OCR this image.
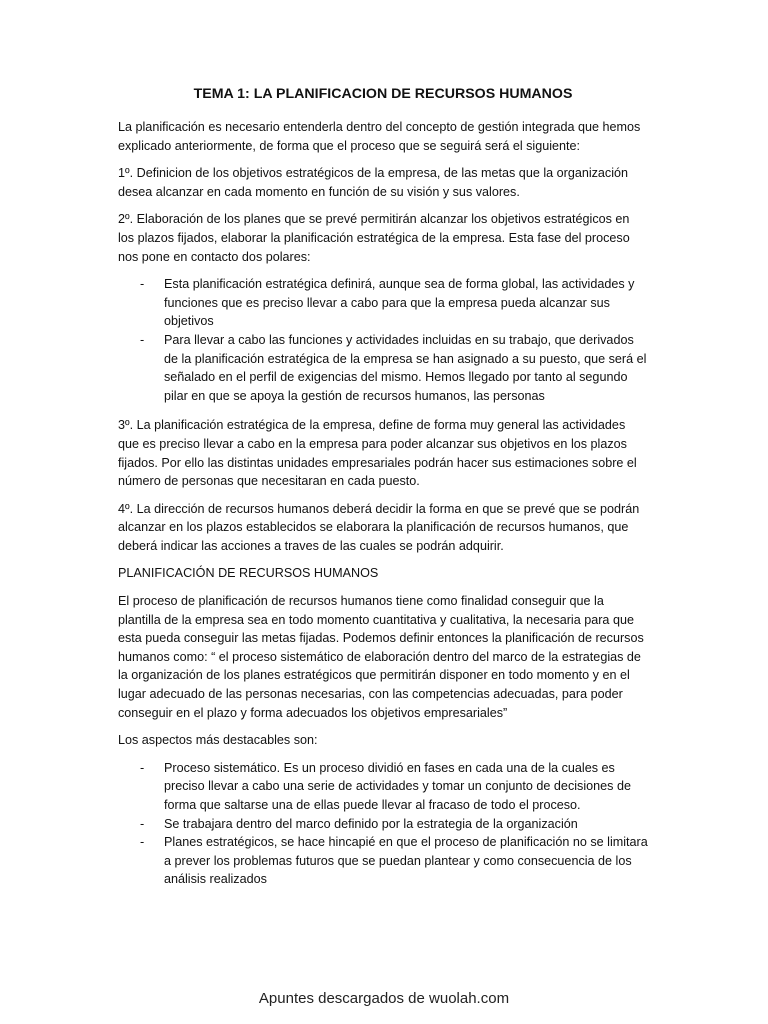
TEMA 1: LA PLANIFICACION DE RECURSOS HUMANOS

La planificación es necesario entenderla dentro del concepto de gestión integrada que hemos explicado anteriormente, de forma que el proceso que se seguirá será el siguiente:

1º. Definicion de los objetivos estratégicos de la empresa, de las metas que la organización desea alcanzar en cada momento en función de su visión y sus valores.

2º. Elaboración de los planes que se prevé permitirán alcanzar los objetivos estratégicos en los plazos fijados, elaborar la planificación estratégica de la empresa. Esta fase del proceso nos pone en contacto dos polares:

- Esta planificación estratégica definirá, aunque sea de forma global, las actividades y funciones que es preciso llevar a cabo para que la empresa pueda alcanzar sus objetivos
- Para llevar a cabo las funciones y actividades incluidas en su trabajo, que derivados de la planificación estratégica de la empresa se han asignado a su puesto, que será el señalado en el perfil de exigencias del mismo. Hemos llegado por tanto al segundo pilar en que se apoya la gestión de recursos humanos, las personas

3º. La planificación estratégica de la empresa, define de forma muy general las actividades que es preciso llevar a cabo en la empresa para poder alcanzar sus objetivos en los plazos fijados. Por ello las distintas unidades empresariales podrán hacer sus estimaciones sobre el número de personas que necesitaran en cada puesto.

4º. La dirección de recursos humanos deberá decidir la forma en que se prevé que se podrán alcanzar en los plazos establecidos se elaborara la planificación de recursos humanos, que deberá indicar las acciones a traves de las cuales se podrán adquirir.

PLANIFICACIÓN DE RECURSOS HUMANOS

El proceso de planificación de recursos humanos tiene como finalidad conseguir que la plantilla de la empresa sea en todo momento cuantitativa y cualitativa, la necesaria para que esta pueda conseguir las metas fijadas. Podemos definir entonces la planificación de recursos humanos como: “ el proceso sistemático de elaboración dentro del marco de la estrategias de la organización de los planes estratégicos que permitirán disponer en todo momento y en el lugar adecuado de las personas necesarias, con las competencias adecuadas, para poder conseguir en el plazo y forma adecuados los objetivos empresariales”

Los aspectos más destacables son:

- Proceso sistemático. Es un proceso dividió en fases en cada una de la cuales es preciso llevar a cabo una serie de actividades y tomar un conjunto de decisiones de forma que saltarse una de ellas puede llevar al fracaso de todo el proceso.
- Se trabajara dentro del marco definido por la estrategia de la organización
- Planes estratégicos, se hace hincapié en que el proceso de planificación no se limitara a prever los problemas futuros que se puedan plantear y como consecuencia de los análisis realizados
Apuntes descargados de wuolah.com
